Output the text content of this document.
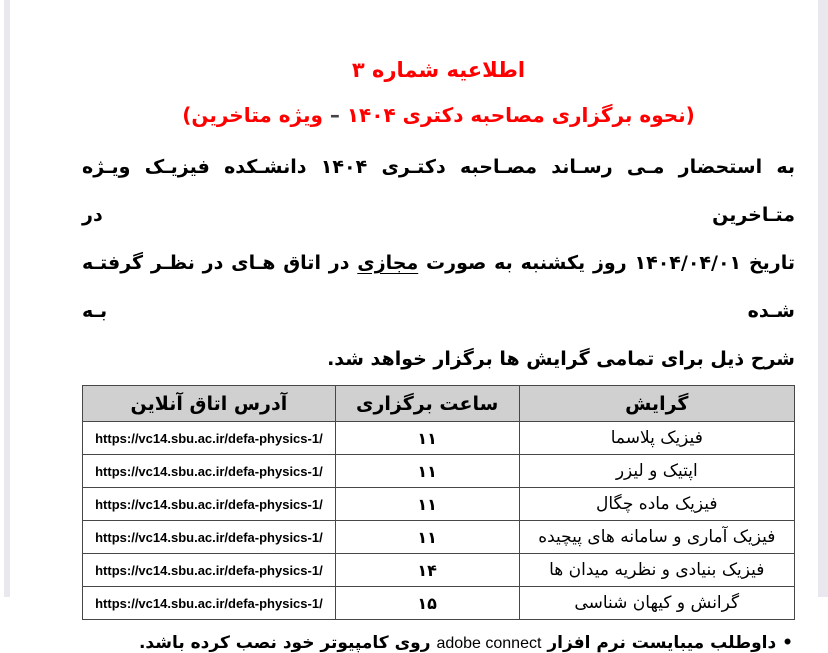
اطلاعیه شماره ۳
(نحوه برگزاری مصاحبه دکتری ۱۴۰۴ – ویژه متاخرین)
به استحضار مـی رسـاند مصـاحبه دکتـری ۱۴۰۴ دانشـکده فیزیـک ویـژه متـاخرین در
تاریخ ۱۴۰۴/۰۴/۰۱ روز یکشنبه به صورت مجازی در اتاق هـای در نظـر گرفتـه شـده بـه
شرح ذیل برای تمامی گرایش ها برگزار خواهد شد.
گرایش	ساعت برگزاری	آدرس اتاق آنلاین
فیزیک پلاسما	۱۱	https://vc14.sbu.ac.ir/defa-physics-1/
اپتیک و لیزر	۱۱	https://vc14.sbu.ac.ir/defa-physics-1/
فیزیک ماده چگال	۱۱	https://vc14.sbu.ac.ir/defa-physics-1/
فیزیک آماری و سامانه های پیچیده	۱۱	https://vc14.sbu.ac.ir/defa-physics-1/
فیزیک بنیادی و نظریه میدان ها	۱۴	https://vc14.sbu.ac.ir/defa-physics-1/
گرانش و کیهان شناسی	۱۵	https://vc14.sbu.ac.ir/defa-physics-1/
• داوطلب میبایست نرم افزار adobe connect روی کامپیوتر خود نصب کرده باشد.
